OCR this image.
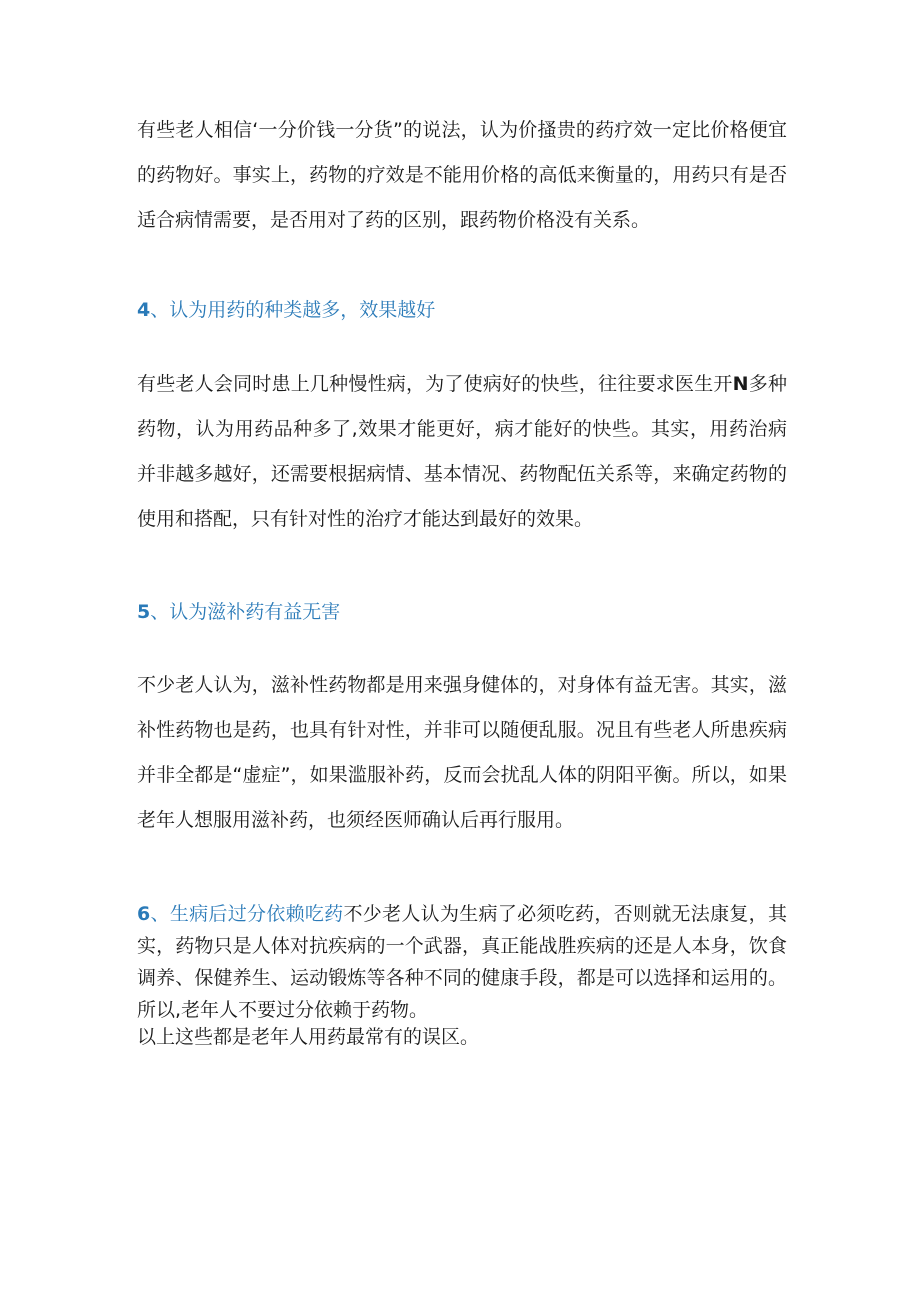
有些老人相信‘一分价钱一分货”的说法，认为价搔贵的药疗效一定比价格便宜的药物好。事实上，药物的疗效是不能用价格的高低来衡量的，用药只有是否适合病情需要，是否用对了药的区别，跟药物价格没有关系。

4、认为用药的种类越多，效果越好

有些老人会同时患上几种慢性病，为了使病好的快些，往往要求医生开N多种药物，认为用药品种多了,效果才能更好，病才能好的快些。其实，用药治病并非越多越好，还需要根据病情、基本情况、药物配伍关系等，来确定药物的使用和搭配，只有针对性的治疗才能达到最好的效果。

5、认为滋补药有益无害

不少老人认为，滋补性药物都是用来强身健体的，对身体有益无害。其实，滋补性药物也是药，也具有针对性，并非可以随便乱服。况且有些老人所患疾病并非全都是“虚症”，如果滥服补药，反而会扰乱人体的阴阳平衡。所以，如果老年人想服用滋补药，也须经医师确认后再行服用。

6、生病后过分依赖吃药不少老人认为生病了必须吃药，否则就无法康复，其实，药物只是人体对抗疾病的一个武器，真正能战胜疾病的还是人本身，饮食调养、保健养生、运动锻炼等各种不同的健康手段，都是可以选择和运用的。所以,老年人不要过分依赖于药物。

以上这些都是老年人用药最常有的误区。
